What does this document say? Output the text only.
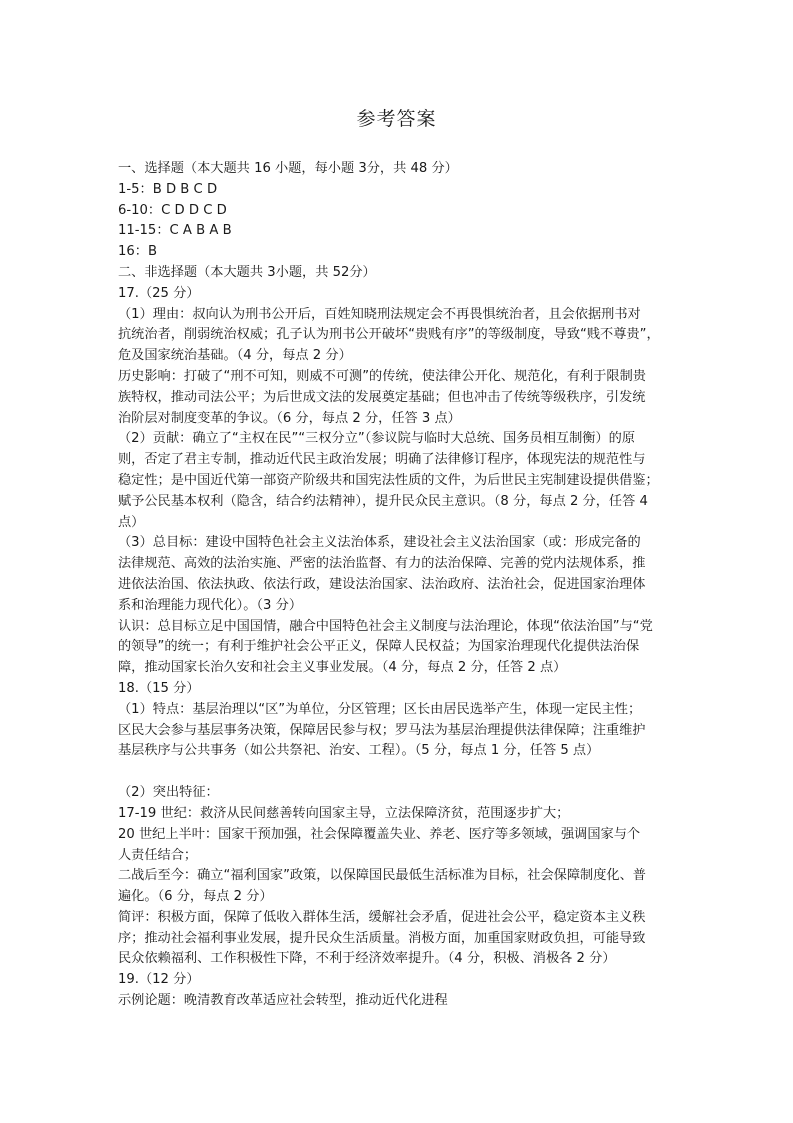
参考答案
一、选择题（本大题共 16 小题，每小题 3分，共 48 分）
1-5：B D B C D
6-10：C D D C D
11-15：C A B A B
16：B
二、非选择题（本大题共 3小题，共 52分）
17.（25 分）
（1）理由：叔向认为刑书公开后，百姓知晓刑法规定会不再畏惧统治者，且会依据刑书对
抗统治者，削弱统治权威；孔子认为刑书公开破坏“贵贱有序”的等级制度，导致“贱不尊贵”，
危及国家统治基础。（4 分，每点 2 分）
历史影响：打破了“刑不可知，则威不可测”的传统，使法律公开化、规范化，有利于限制贵
族特权，推动司法公平；为后世成文法的发展奠定基础；但也冲击了传统等级秩序，引发统
治阶层对制度变革的争议。（6 分，每点 2 分，任答 3 点）
（2）贡献：确立了“主权在民”“三权分立”（参议院与临时大总统、国务员相互制衡）的原
则，否定了君主专制，推动近代民主政治发展；明确了法律修订程序，体现宪法的规范性与
稳定性；是中国近代第一部资产阶级共和国宪法性质的文件，为后世民主宪制建设提供借鉴；
赋予公民基本权利（隐含，结合约法精神），提升民众民主意识。（8 分，每点 2 分，任答 4
点）
（3）总目标：建设中国特色社会主义法治体系，建设社会主义法治国家（或：形成完备的
法律规范、高效的法治实施、严密的法治监督、有力的法治保障、完善的党内法规体系，推
进依法治国、依法执政、依法行政，建设法治国家、法治政府、法治社会，促进国家治理体
系和治理能力现代化）。（3 分）
认识：总目标立足中国国情，融合中国特色社会主义制度与法治理论，体现“依法治国”与“党
的领导”的统一；有利于维护社会公平正义，保障人民权益；为国家治理现代化提供法治保
障，推动国家长治久安和社会主义事业发展。（4 分，每点 2 分，任答 2 点）
18.（15 分）
（1）特点：基层治理以“区”为单位，分区管理；区长由居民选举产生，体现一定民主性；
区民大会参与基层事务决策，保障居民参与权；罗马法为基层治理提供法律保障；注重维护
基层秩序与公共事务（如公共祭祀、治安、工程）。（5 分，每点 1 分，任答 5 点）
（2）突出特征：
17-19 世纪：救济从民间慈善转向国家主导，立法保障济贫，范围逐步扩大；
20 世纪上半叶：国家干预加强，社会保障覆盖失业、养老、医疗等多领域，强调国家与个
人责任结合；
二战后至今：确立“福利国家”政策，以保障国民最低生活标准为目标，社会保障制度化、普
遍化。（6 分，每点 2 分）
简评：积极方面，保障了低收入群体生活，缓解社会矛盾，促进社会公平，稳定资本主义秩
序；推动社会福利事业发展，提升民众生活质量。消极方面，加重国家财政负担，可能导致
民众依赖福利、工作积极性下降，不利于经济效率提升。（4 分，积极、消极各 2 分）
19.（12 分）
示例论题：晚清教育改革适应社会转型，推动近代化进程
